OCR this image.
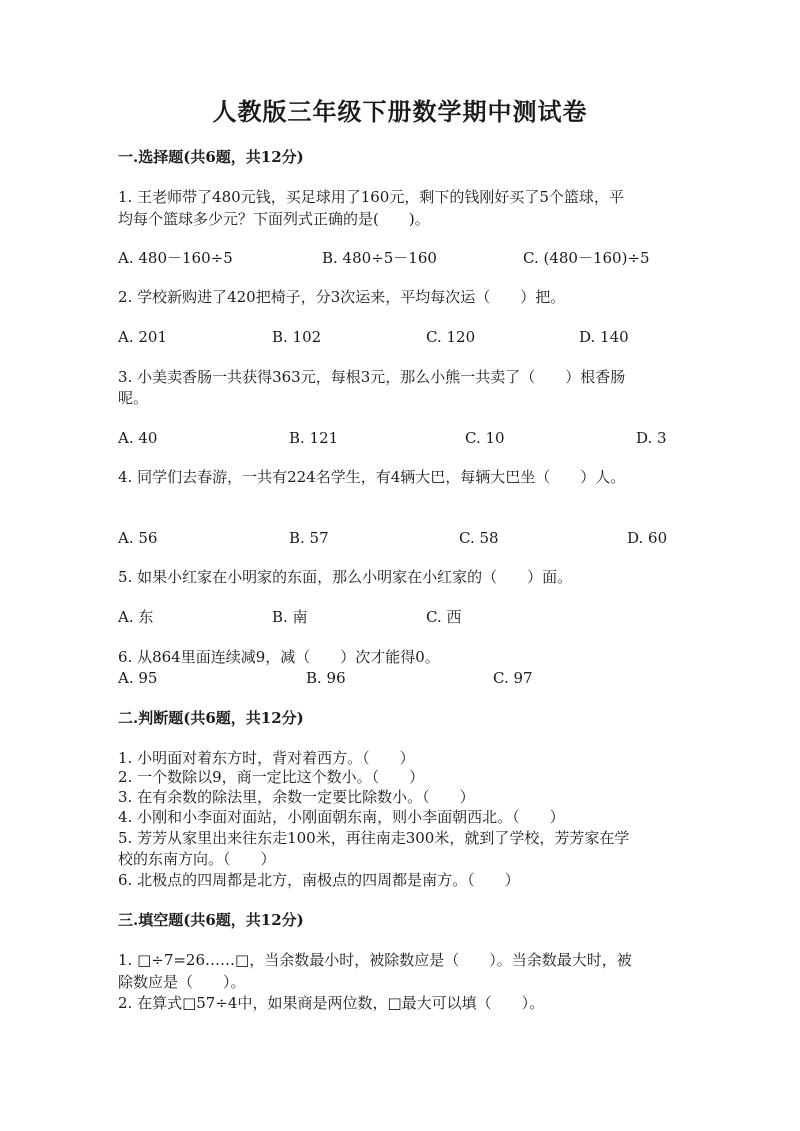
人教版三年级下册数学期中测试卷
一.选择题(共6题，共12分)
1. 王老师带了480元钱，买足球用了160元，剩下的钱刚好买了5个篮球，平
均每个篮球多少元？下面列式正确的是(　　)。
A. 480－160÷5	B. 480÷5－160	C. (480－160)÷5
2. 学校新购进了420把椅子，分3次运来，平均每次运（　　）把。
A. 201	B. 102	C. 120	D. 140
3. 小美卖香肠一共获得363元，每根3元，那么小熊一共卖了（　　）根香肠
呢。
A. 40	B. 121	C. 10	D. 3
4. 同学们去春游，一共有224名学生，有4辆大巴，每辆大巴坐（　　）人。
A. 56	B. 57	C. 58	D. 60
5. 如果小红家在小明家的东面，那么小明家在小红家的（　　）面。
A. 东	B. 南	C. 西
6. 从864里面连续减9，减（　　）次才能得0。
A. 95	B. 96	C. 97
二.判断题(共6题，共12分)
1. 小明面对着东方时，背对着西方。（　　）
2. 一个数除以9，商一定比这个数小。（　　）
3. 在有余数的除法里，余数一定要比除数小。（　　）
4. 小刚和小李面对面站，小刚面朝东南，则小李面朝西北。（　　）
5. 芳芳从家里出来往东走100米，再往南走300米，就到了学校，芳芳家在学
校的东南方向。（　　）
6. 北极点的四周都是北方，南极点的四周都是南方。（　　）
三.填空题(共6题，共12分)
1. □÷7=26……□，当余数最小时，被除数应是（　　）。当余数最大时，被
除数应是（　　）。
2. 在算式□57÷4中，如果商是两位数，□最大可以填（　　）。
